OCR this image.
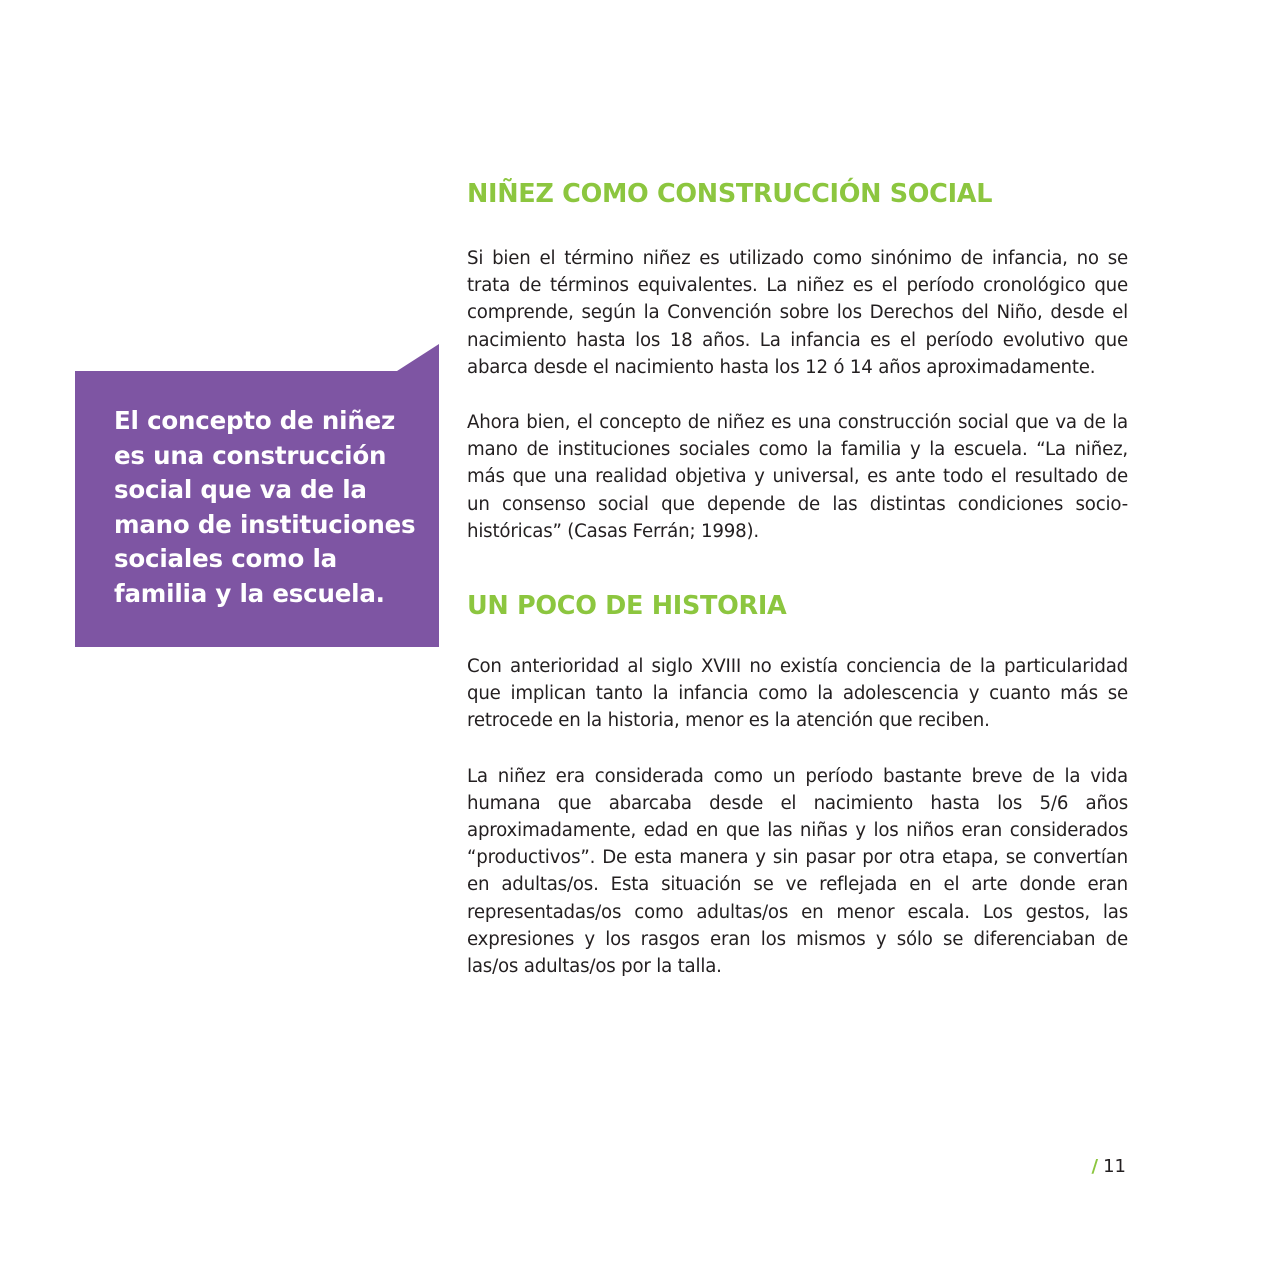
El concepto de niñez es una construcción social que va de la mano de instituciones sociales como la familia y la escuela.

NIÑEZ COMO CONSTRUCCIÓN SOCIAL

Si bien el término niñez es utilizado como sinónimo de infancia, no se trata de términos equivalentes. La niñez es el período cronológico que comprende, según la Convención sobre los Derechos del Niño, desde el nacimiento hasta los 18 años. La infancia es el período evolutivo que abarca desde el nacimiento hasta los 12 ó 14 años aproximadamente.

Ahora bien, el concepto de niñez es una construcción social que va de la mano de instituciones sociales como la familia y la escuela. “La niñez, más que una realidad objetiva y universal, es ante todo el resultado de un consenso social que depende de las distintas condiciones socio-históricas” (Casas Ferrán; 1998).

UN POCO DE HISTORIA

Con anterioridad al siglo XVIII no existía conciencia de la particularidad que implican tanto la infancia como la adolescencia y cuanto más se retrocede en la historia, menor es la atención que reciben.

La niñez era considerada como un período bastante breve de la vida humana que abarcaba desde el nacimiento hasta los 5/6 años aproximadamente, edad en que las niñas y los niños eran considerados “productivos”. De esta manera y sin pasar por otra etapa, se convertían en adultas/os. Esta situación se ve reflejada en el arte donde eran representadas/os como adultas/os en menor escala. Los gestos, las expresiones y los rasgos eran los mismos y sólo se diferenciaban de las/os adultas/os por la talla.

/ 11
